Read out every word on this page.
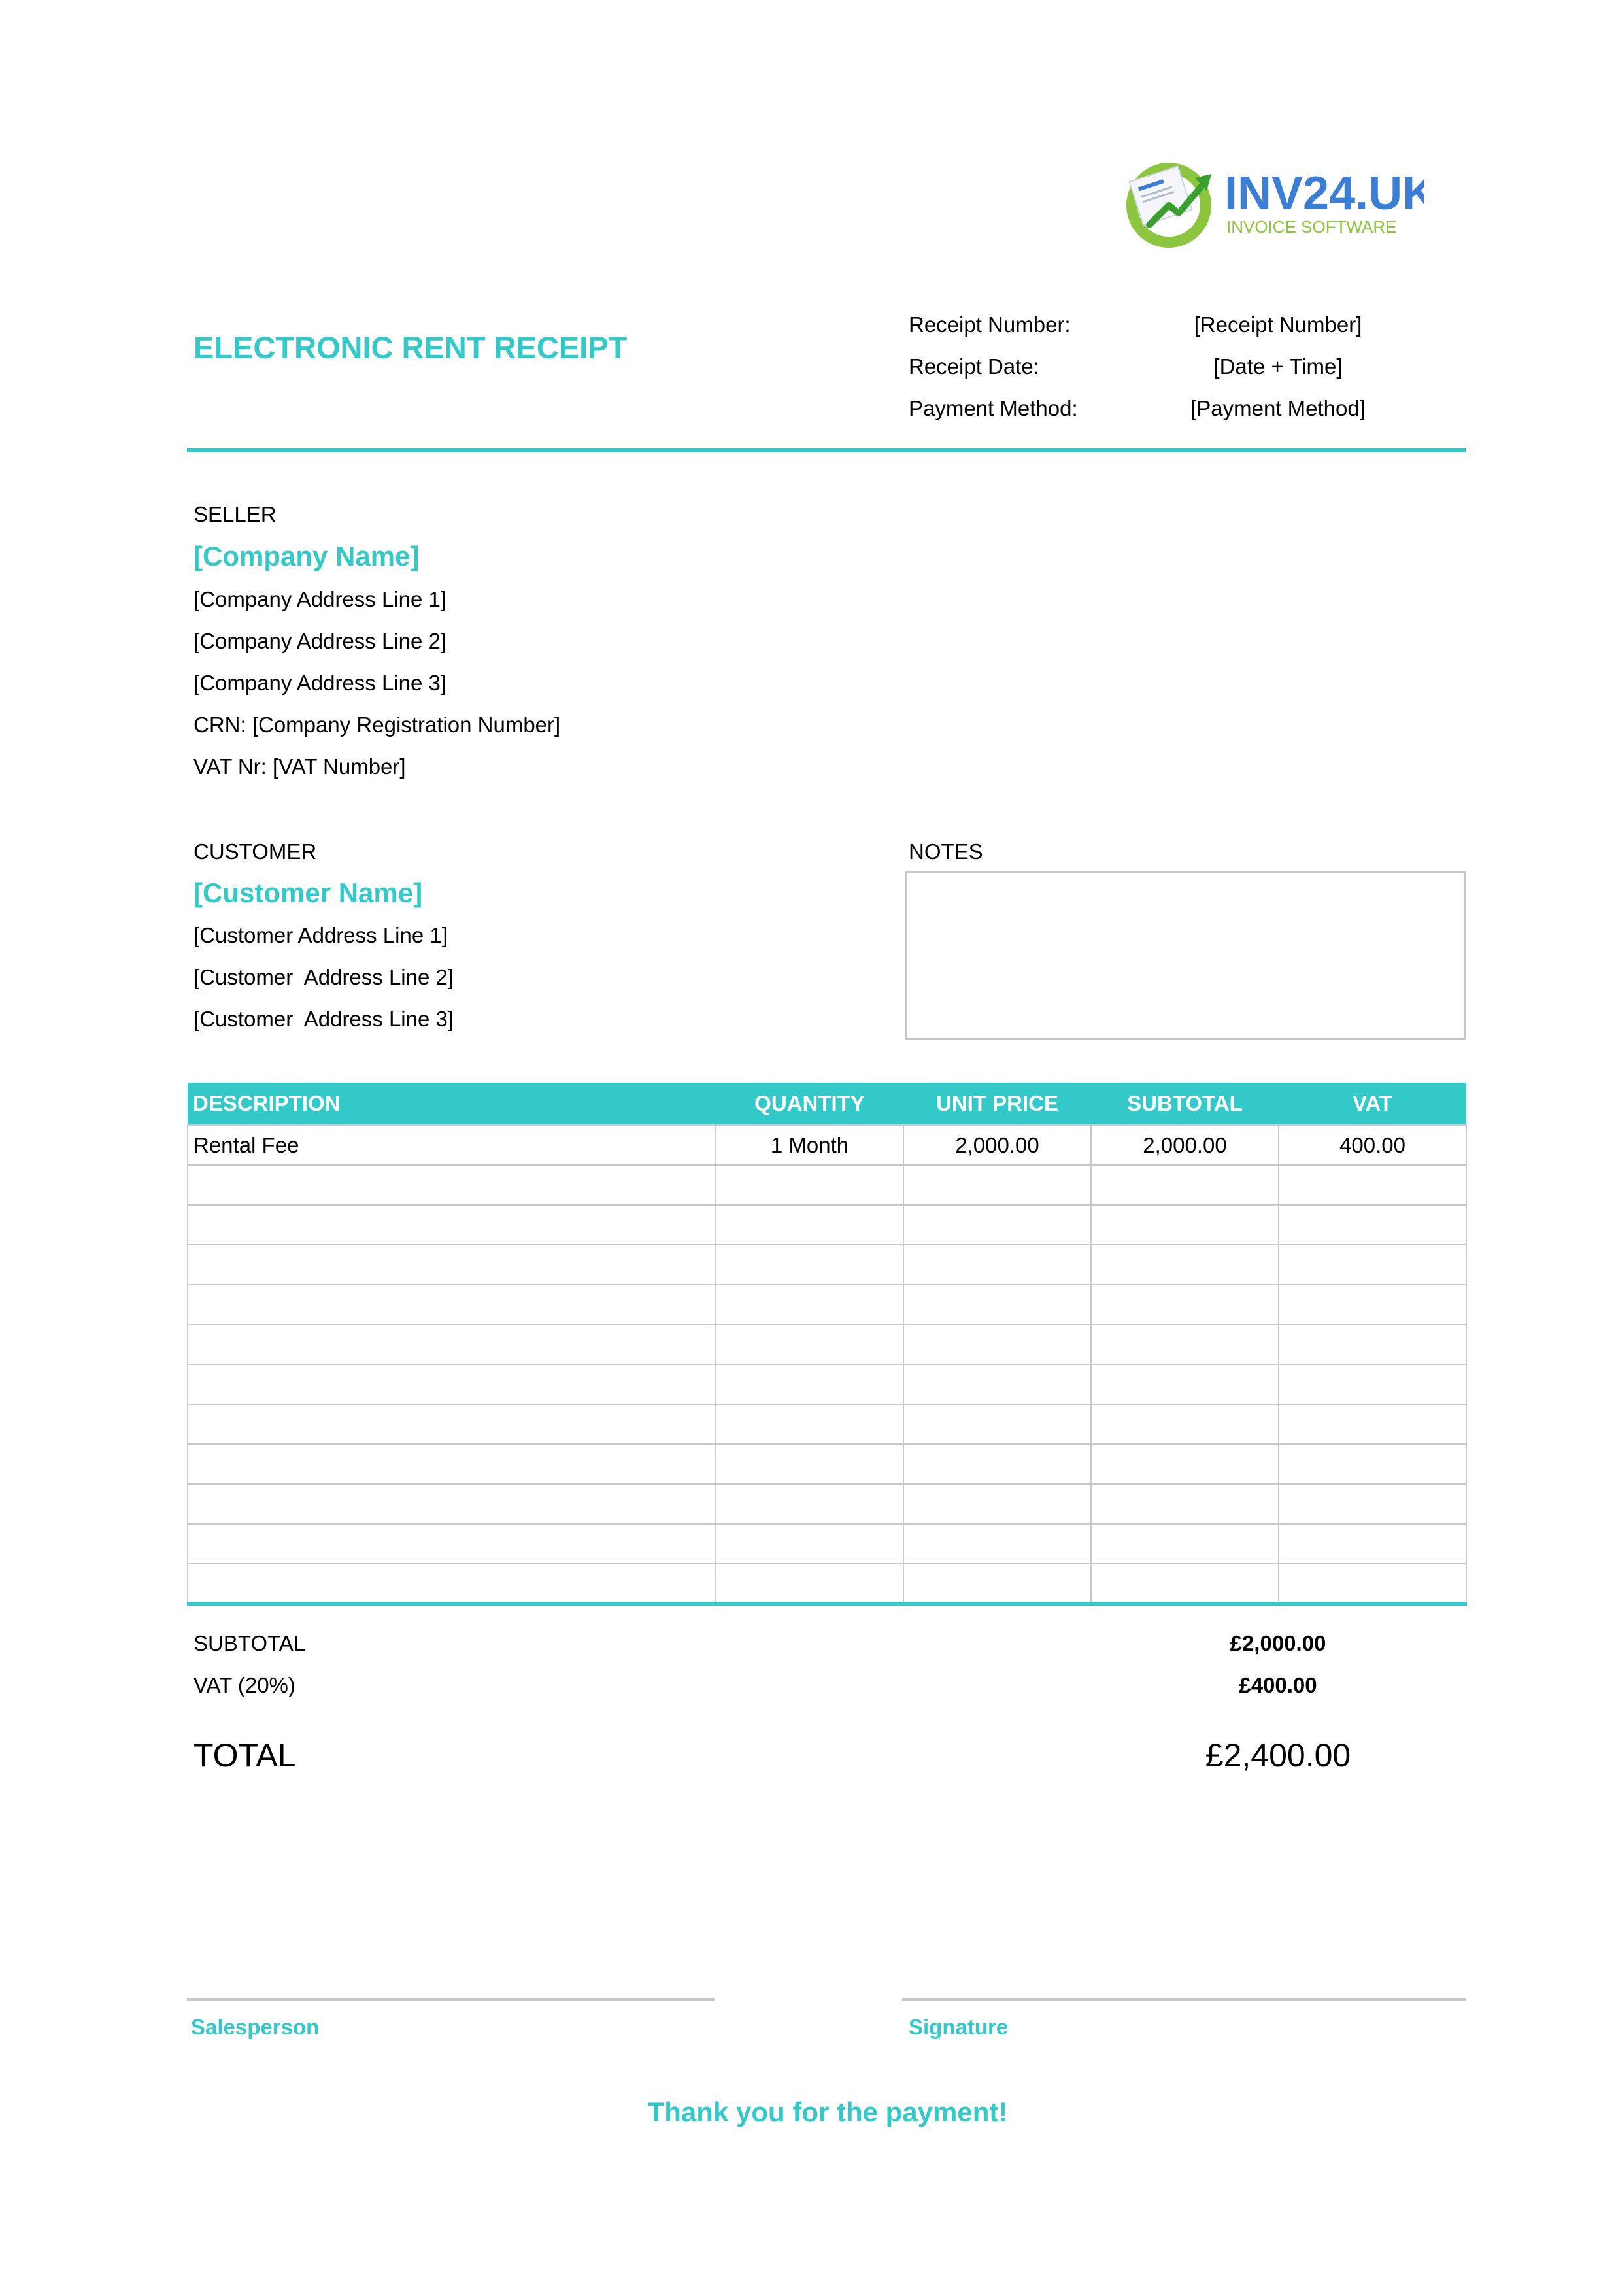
INV24.UK
INVOICE SOFTWARE
ELECTRONIC RENT RECEIPT
Receipt Number:	[Receipt Number]
Receipt Date:	[Date + Time]
Payment Method:	[Payment Method]
SELLER
[Company Name]
[Company Address Line 1]
[Company Address Line 2]
[Company Address Line 3]
CRN: [Company Registration Number]
VAT Nr: [VAT Number]
CUSTOMER
[Customer Name]
[Customer Address Line 1]
[Customer  Address Line 2]
[Customer  Address Line 3]
NOTES
DESCRIPTION	QUANTITY	UNIT PRICE	SUBTOTAL	VAT
Rental Fee	1 Month	2,000.00	2,000.00	400.00

SUBTOTAL	£2,000.00
VAT (20%)	£400.00
TOTAL	£2,400.00
Salesperson	Signature
Thank you for the payment!
